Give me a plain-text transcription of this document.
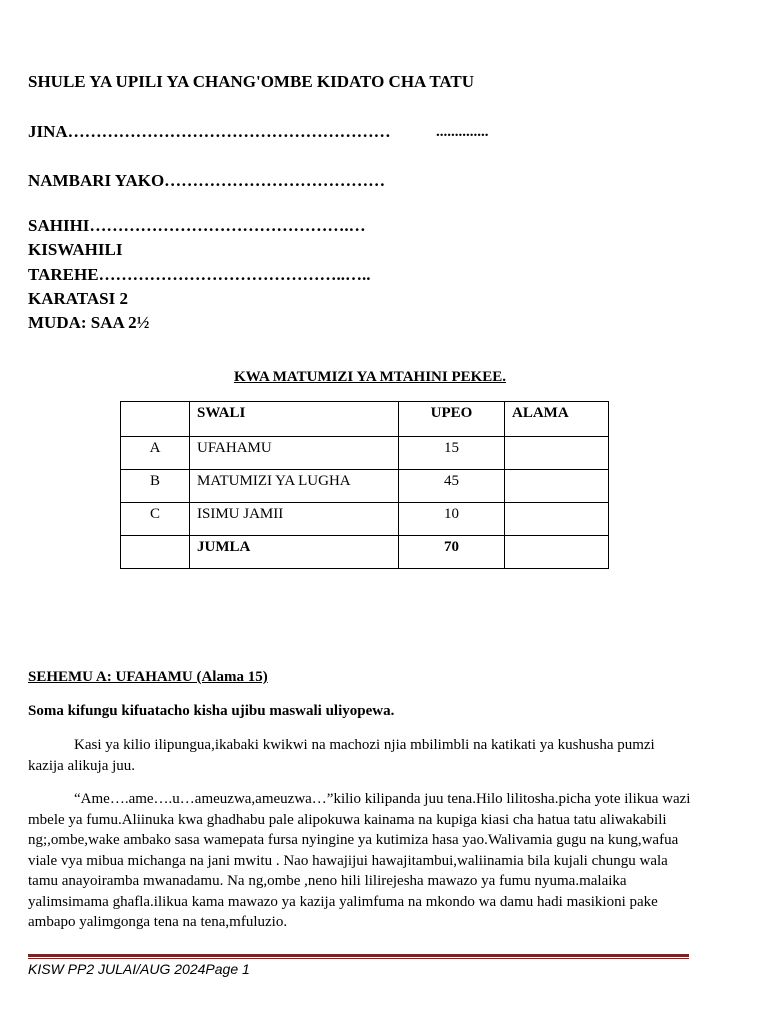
SHULE YA UPILI YA CHANG'OMBE KIDATO CHA TATU
JINA…………………………………………………	..............
NAMBARI YAKO…………………………………
SAHIHI……………………………………….…
KISWAHILI
TAREHE……………………………………..…..
KARATASI 2
MUDA: SAA 2½
KWA MATUMIZI YA MTAHINI PEKEE.
	SWALI	UPEO	ALAMA
A	UFAHAMU	15	
B	MATUMIZI YA LUGHA	45	
C	ISIMU JAMII	10	
	JUMLA	70	
SEHEMU A: UFAHAMU (Alama 15)
Soma kifungu kifuatacho kisha ujibu maswali uliyopewa.

Kasi ya kilio ilipungua,ikabaki kwikwi na machozi njia mbilimbli na katikati ya kushusha pumzi kazija alikuja juu.

“Ame….ame….u…ameuzwa,ameuzwa…”kilio kilipanda juu tena.Hilo lilitosha.picha yote ilikua wazi mbele ya fumu.Aliinuka kwa ghadhabu pale alipokuwa kainama na kupiga kiasi cha hatua tatu aliwakabili ng;,ombe,wake ambako sasa wamepata fursa nyingine ya kutimiza hasa yao.Walivamia gugu na kung,wafua viale vya mibua michanga na jani mwitu . Nao hawajijui hawajitambui,waliinamia bila kujali chungu wala tamu anayoiramba mwanadamu. Na ng,ombe ,neno hili lilirejesha mawazo ya fumu nyuma.malaika yalimsimama ghafla.ilikua kama mawazo ya kazija yalimfuma na mkondo wa damu hadi masikioni pake ambapo yalimgonga tena na tena,mfuluzio.

KISW PP2 JULAI/AUG 2024Page 1
